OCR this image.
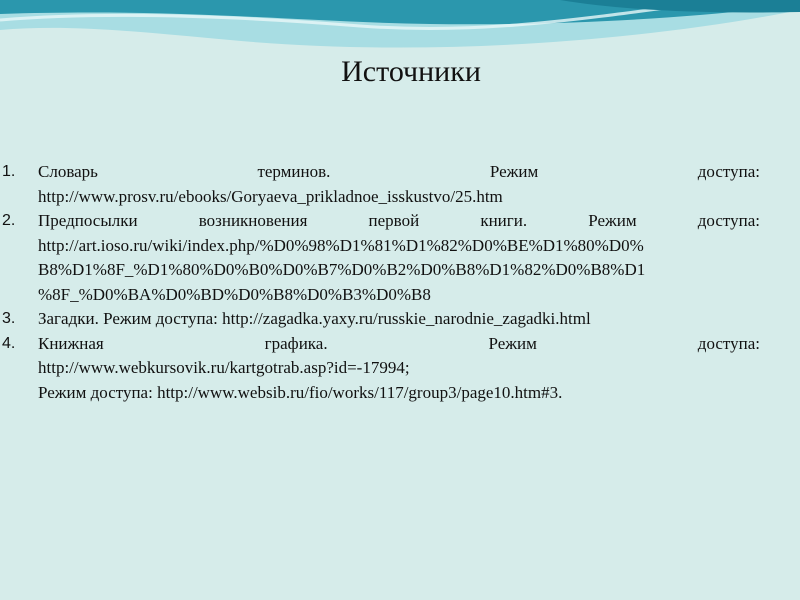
Источники
1.	Словарь	терминов.	Режим	доступа:
http://www.prosv.ru/ebooks/Goryaeva_prikladnoe_isskustvo/25.htm
2.	Предпосылки	возникновения	первой	книги.	Режим	доступа:
http://art.ioso.ru/wiki/index.php/%D0%98%D1%81%D1%82%D0%BE%D1%80%D0%
B8%D1%8F_%D1%80%D0%B0%D0%B7%D0%B2%D0%B8%D1%82%D0%B8%D1
%8F_%D0%BA%D0%BD%D0%B8%D0%B3%D0%B8
3.	Загадки. Режим доступа: http://zagadka.yaxy.ru/russkie_narodnie_zagadki.html
4.	Книжная	графика.	Режим	доступа:
http://www.webkursovik.ru/kartgotrab.asp?id=-17994;
Режим доступа: http://www.websib.ru/fio/works/117/group3/page10.htm#3.
